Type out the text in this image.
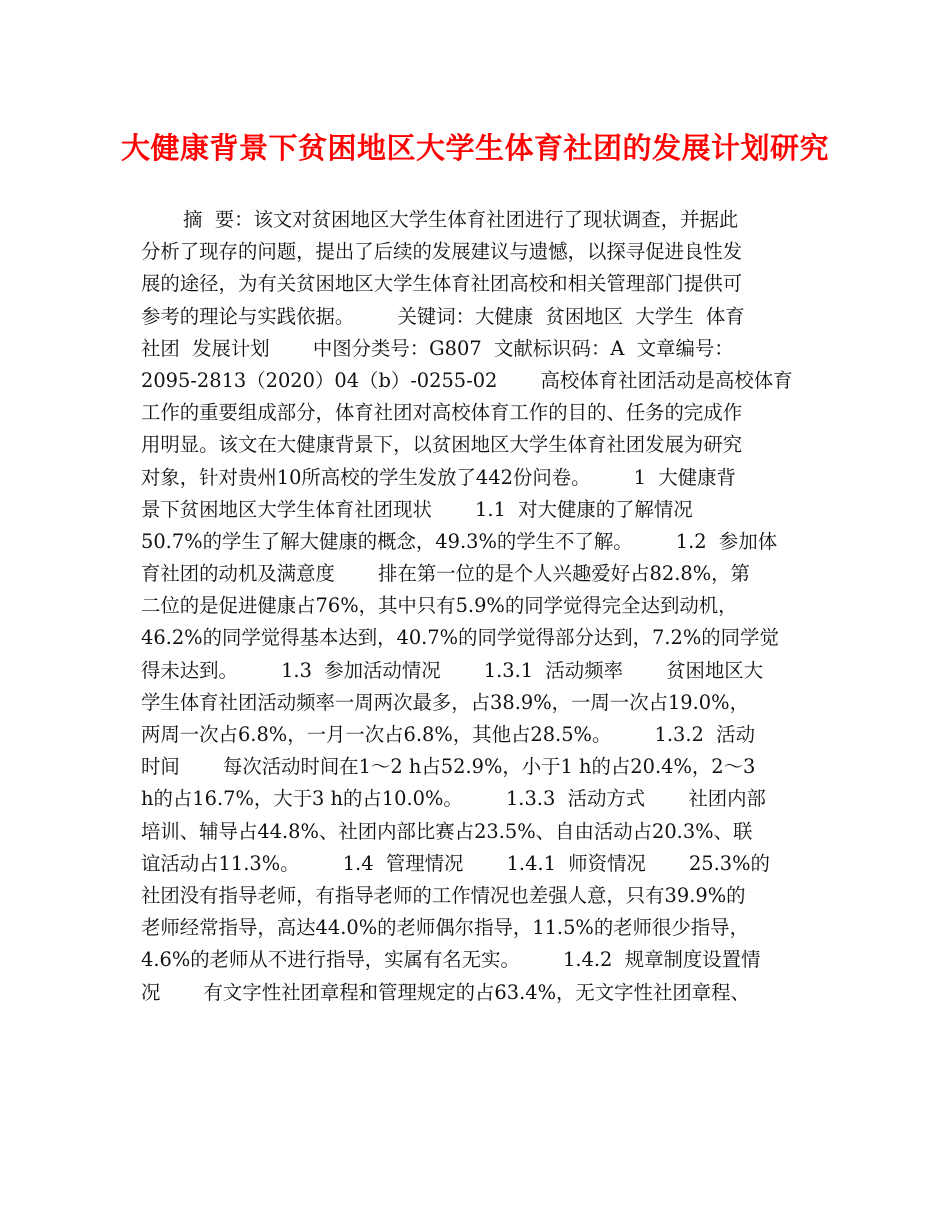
大健康背景下贫困地区大学生体育社团的发展计划研究
摘  要：该文对贫困地区大学生体育社团进行了现状调查，并据此
分析了现存的问题，提出了后续的发展建议与遗憾，以探寻促进良性发
展的途径，为有关贫困地区大学生体育社团高校和相关管理部门提供可
参考的理论与实践依据。       关键词：大健康  贫困地区  大学生  体育
社团  发展计划       中图分类号：G807  文献标识码：A  文章编号：
2095-2813（2020）04（b）-0255-02       高校体育社团活动是高校体育
工作的重要组成部分，体育社团对高校体育工作的目的、任务的完成作
用明显。该文在大健康背景下，以贫困地区大学生体育社团发展为研究
对象，针对贵州10所高校的学生发放了442份问卷。       1  大健康背
景下贫困地区大学生体育社团现状       1.1  对大健康的了解情况
50.7%的学生了解大健康的概念，49.3%的学生不了解。       1.2  参加体
育社团的动机及满意度       排在第一位的是个人兴趣爱好占82.8%，第
二位的是促进健康占76%，其中只有5.9%的同学觉得完全达到动机，
46.2%的同学觉得基本达到，40.7%的同学觉得部分达到，7.2%的同学觉
得未达到。       1.3  参加活动情况       1.3.1  活动频率       贫困地区大
学生体育社团活动频率一周两次最多，占38.9%，一周一次占19.0%，
两周一次占6.8%，一月一次占6.8%，其他占28.5%。       1.3.2  活动
时间       每次活动时间在1～2 h占52.9%，小于1 h的占20.4%，2～3
h的占16.7%，大于3 h的占10.0%。       1.3.3  活动方式       社团内部
培训、辅导占44.8%、社团内部比赛占23.5%、自由活动占20.3%、联
谊活动占11.3%。       1.4  管理情况       1.4.1  师资情况       25.3%的
社团没有指导老师，有指导老师的工作情况也差强人意，只有39.9%的
老师经常指导，高达44.0%的老师偶尔指导，11.5%的老师很少指导，
4.6%的老师从不进行指导，实属有名无实。       1.4.2  规章制度设置情
况       有文字性社团章程和管理规定的占63.4%，无文字性社团章程、
